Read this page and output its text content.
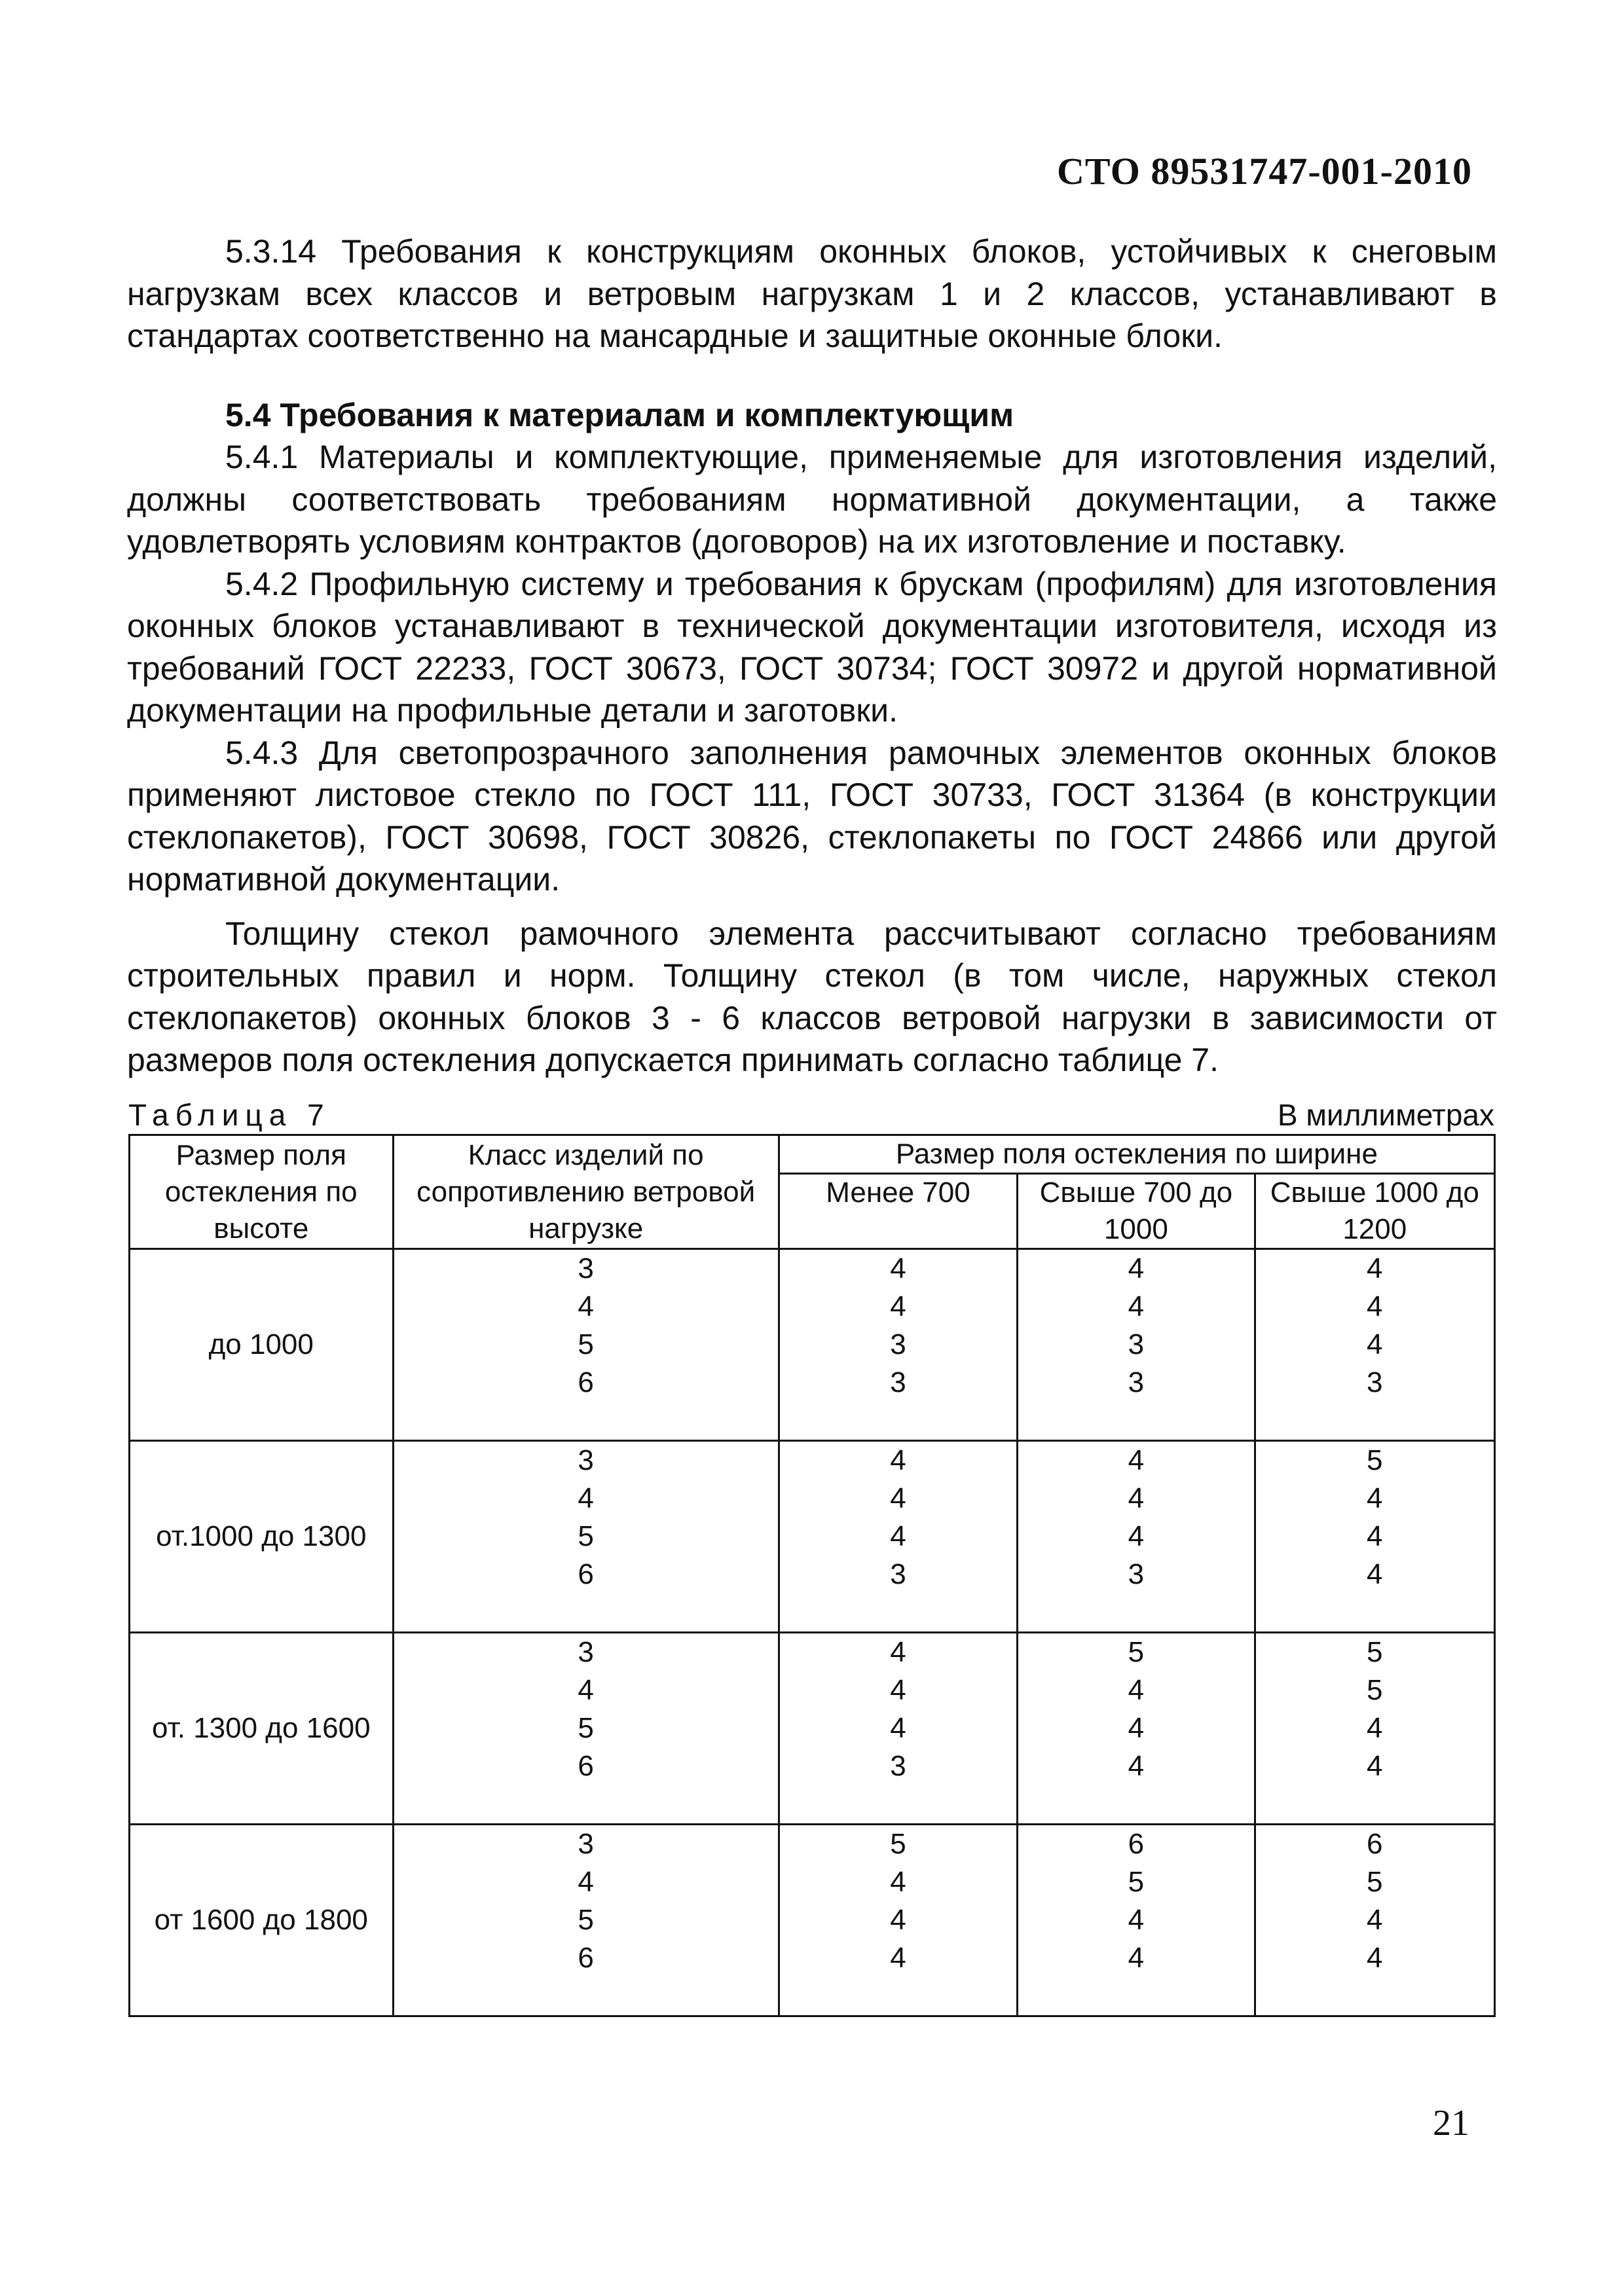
СТО 89531747-001-2010

5.3.14 Требования к конструкциям оконных блоков, устойчивых к снеговым нагрузкам всех классов и ветровым нагрузкам 1 и 2 классов, устанавливают в стандартах соответственно на мансардные и защитные оконные блоки.

5.4 Требования к материалам и комплектующим

5.4.1 Материалы и комплектующие, применяемые для изготовления изделий, должны соответствовать требованиям нормативной документации, а также удовлетворять условиям контрактов (договоров) на их изготовление и поставку.

5.4.2 Профильную систему и требования к брускам (профилям) для изготовления оконных блоков устанавливают в технической документации изготовителя, исходя из требований ГОСТ 22233, ГОСТ 30673, ГОСТ 30734; ГОСТ 30972 и другой нормативной документации на профильные детали и заготовки.

5.4.3 Для светопрозрачного заполнения рамочных элементов оконных блоков применяют листовое стекло по ГОСТ 111, ГОСТ 30733, ГОСТ 31364 (в конструкции стеклопакетов), ГОСТ 30698, ГОСТ 30826, стеклопакеты по ГОСТ 24866 или другой нормативной документации.

Толщину стекол рамочного элемента рассчитывают согласно требованиям строительных правил и норм. Толщину стекол (в том числе, наружных стекол стеклопакетов) оконных блоков 3 - 6 классов ветровой нагрузки в зависимости от размеров поля остекления допускается принимать согласно таблице 7.

Таблица 7	В миллиметрах
Размер поля остекления по высоте	Класс изделий по сопротивлению ветровой нагрузке	Размер поля остекления по ширине		
		Менее 700	Свыше 700 до 1000	Свыше 1000 до 1200
до 1000	3	4	4	4
	4	4	4	4
	5	3	3	4
	6	3	3	3

от.1000 до 1300	3	4	4	5
	4	4	4	4
	5	4	4	4
	6	3	3	4

от. 1300 до 1600	3	4	5	5
	4	4	4	5
	5	4	4	4
	6	3	4	4

от 1600 до 1800	3	5	6	6
	4	4	5	5
	5	4	4	4
	6	4	4	4

21
